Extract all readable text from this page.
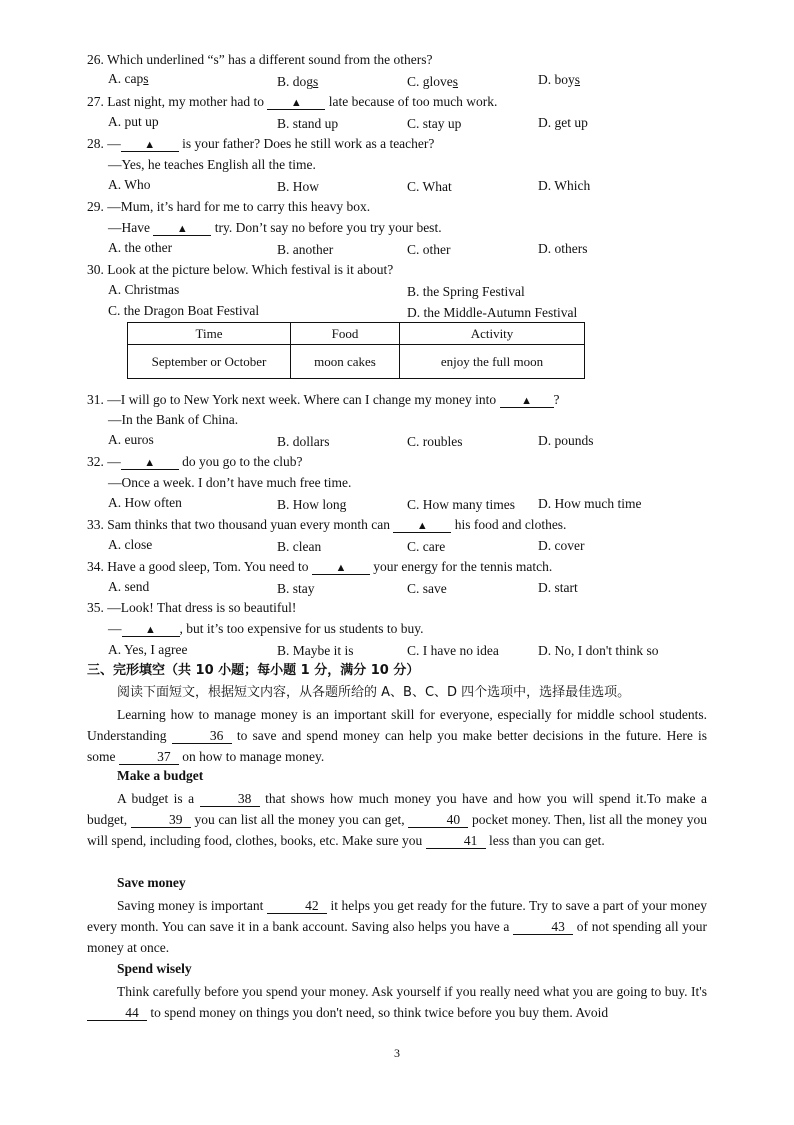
26. Which underlined “s” has a different sound from the others?
A. caps	B. dogs	C. gloves	D. boys
27. Last night, my mother had to ▲ late because of too much work.
A. put up	B. stand up	C. stay up	D. get up
28. — ▲ is your father? Does he still work as a teacher?
—Yes, he teaches English all the time.
A. Who	B. How	C. What	D. Which
29. —Mum, it’s hard for me to carry this heavy box.
—Have ▲ try. Don’t say no before you try your best.
A. the other	B. another	C. other	D. others
30. Look at the picture below. Which festival is it about?
A. Christmas	B. the Spring Festival
C. the Dragon Boat Festival	D. the Middle-Autumn Festival
Time	Food	Activity
September or October	moon cakes	enjoy the full moon
31. —I will go to New York next week. Where can I change my money into ▲ ?
—In the Bank of China.
A. euros	B. dollars	C. roubles	D. pounds
32. — ▲ do you go to the club?
—Once a week. I don’t have much free time.
A. How often	B. How long	C. How many times D. How much time
33. Sam thinks that two thousand yuan every month can ▲ his food and clothes.
A. close	B. clean	C. care	D. cover
34. Have a good sleep, Tom. You need to ▲ your energy for the tennis match.
A. send	B. stay	C. save	D. start
35. —Look! That dress is so beautiful!
— ▲ , but it’s too expensive for us students to buy.
A. Yes, I agree	B. Maybe it is	C. I have no idea	D. No, I don't think so
三、完形填空（共 10 小题；每小题 1 分，满分 10 分）
阅读下面短文，根据短文内容，从各题所给的 A、B、C、D 四个选项中，选择最佳选项。
Learning how to manage money is an important skill for everyone, especially for middle school students. Understanding	36 to save and spend money can help you make better decisions in the future. Here is some	37 on how to manage money.
Make a budget
A budget is a	38 that shows how much money you have and how you will spend it.To make a budget,	39 you can list all the money you can get,	40 pocket money. Then, list all the money you will spend, including food, clothes, books, etc. Make sure you	41 less than you can get.
Save money
Saving money is important	42 it helps you get ready for the future. Try to save a part of your money every month. You can save it in a bank account. Saving also helps you have a	43 of not spending all your money at once.
Spend wisely
Think carefully before you spend your money. Ask yourself if you really need what you are going to buy. It's 44 to spend money on things you don't need, so think twice before you buy them. Avoid
3
